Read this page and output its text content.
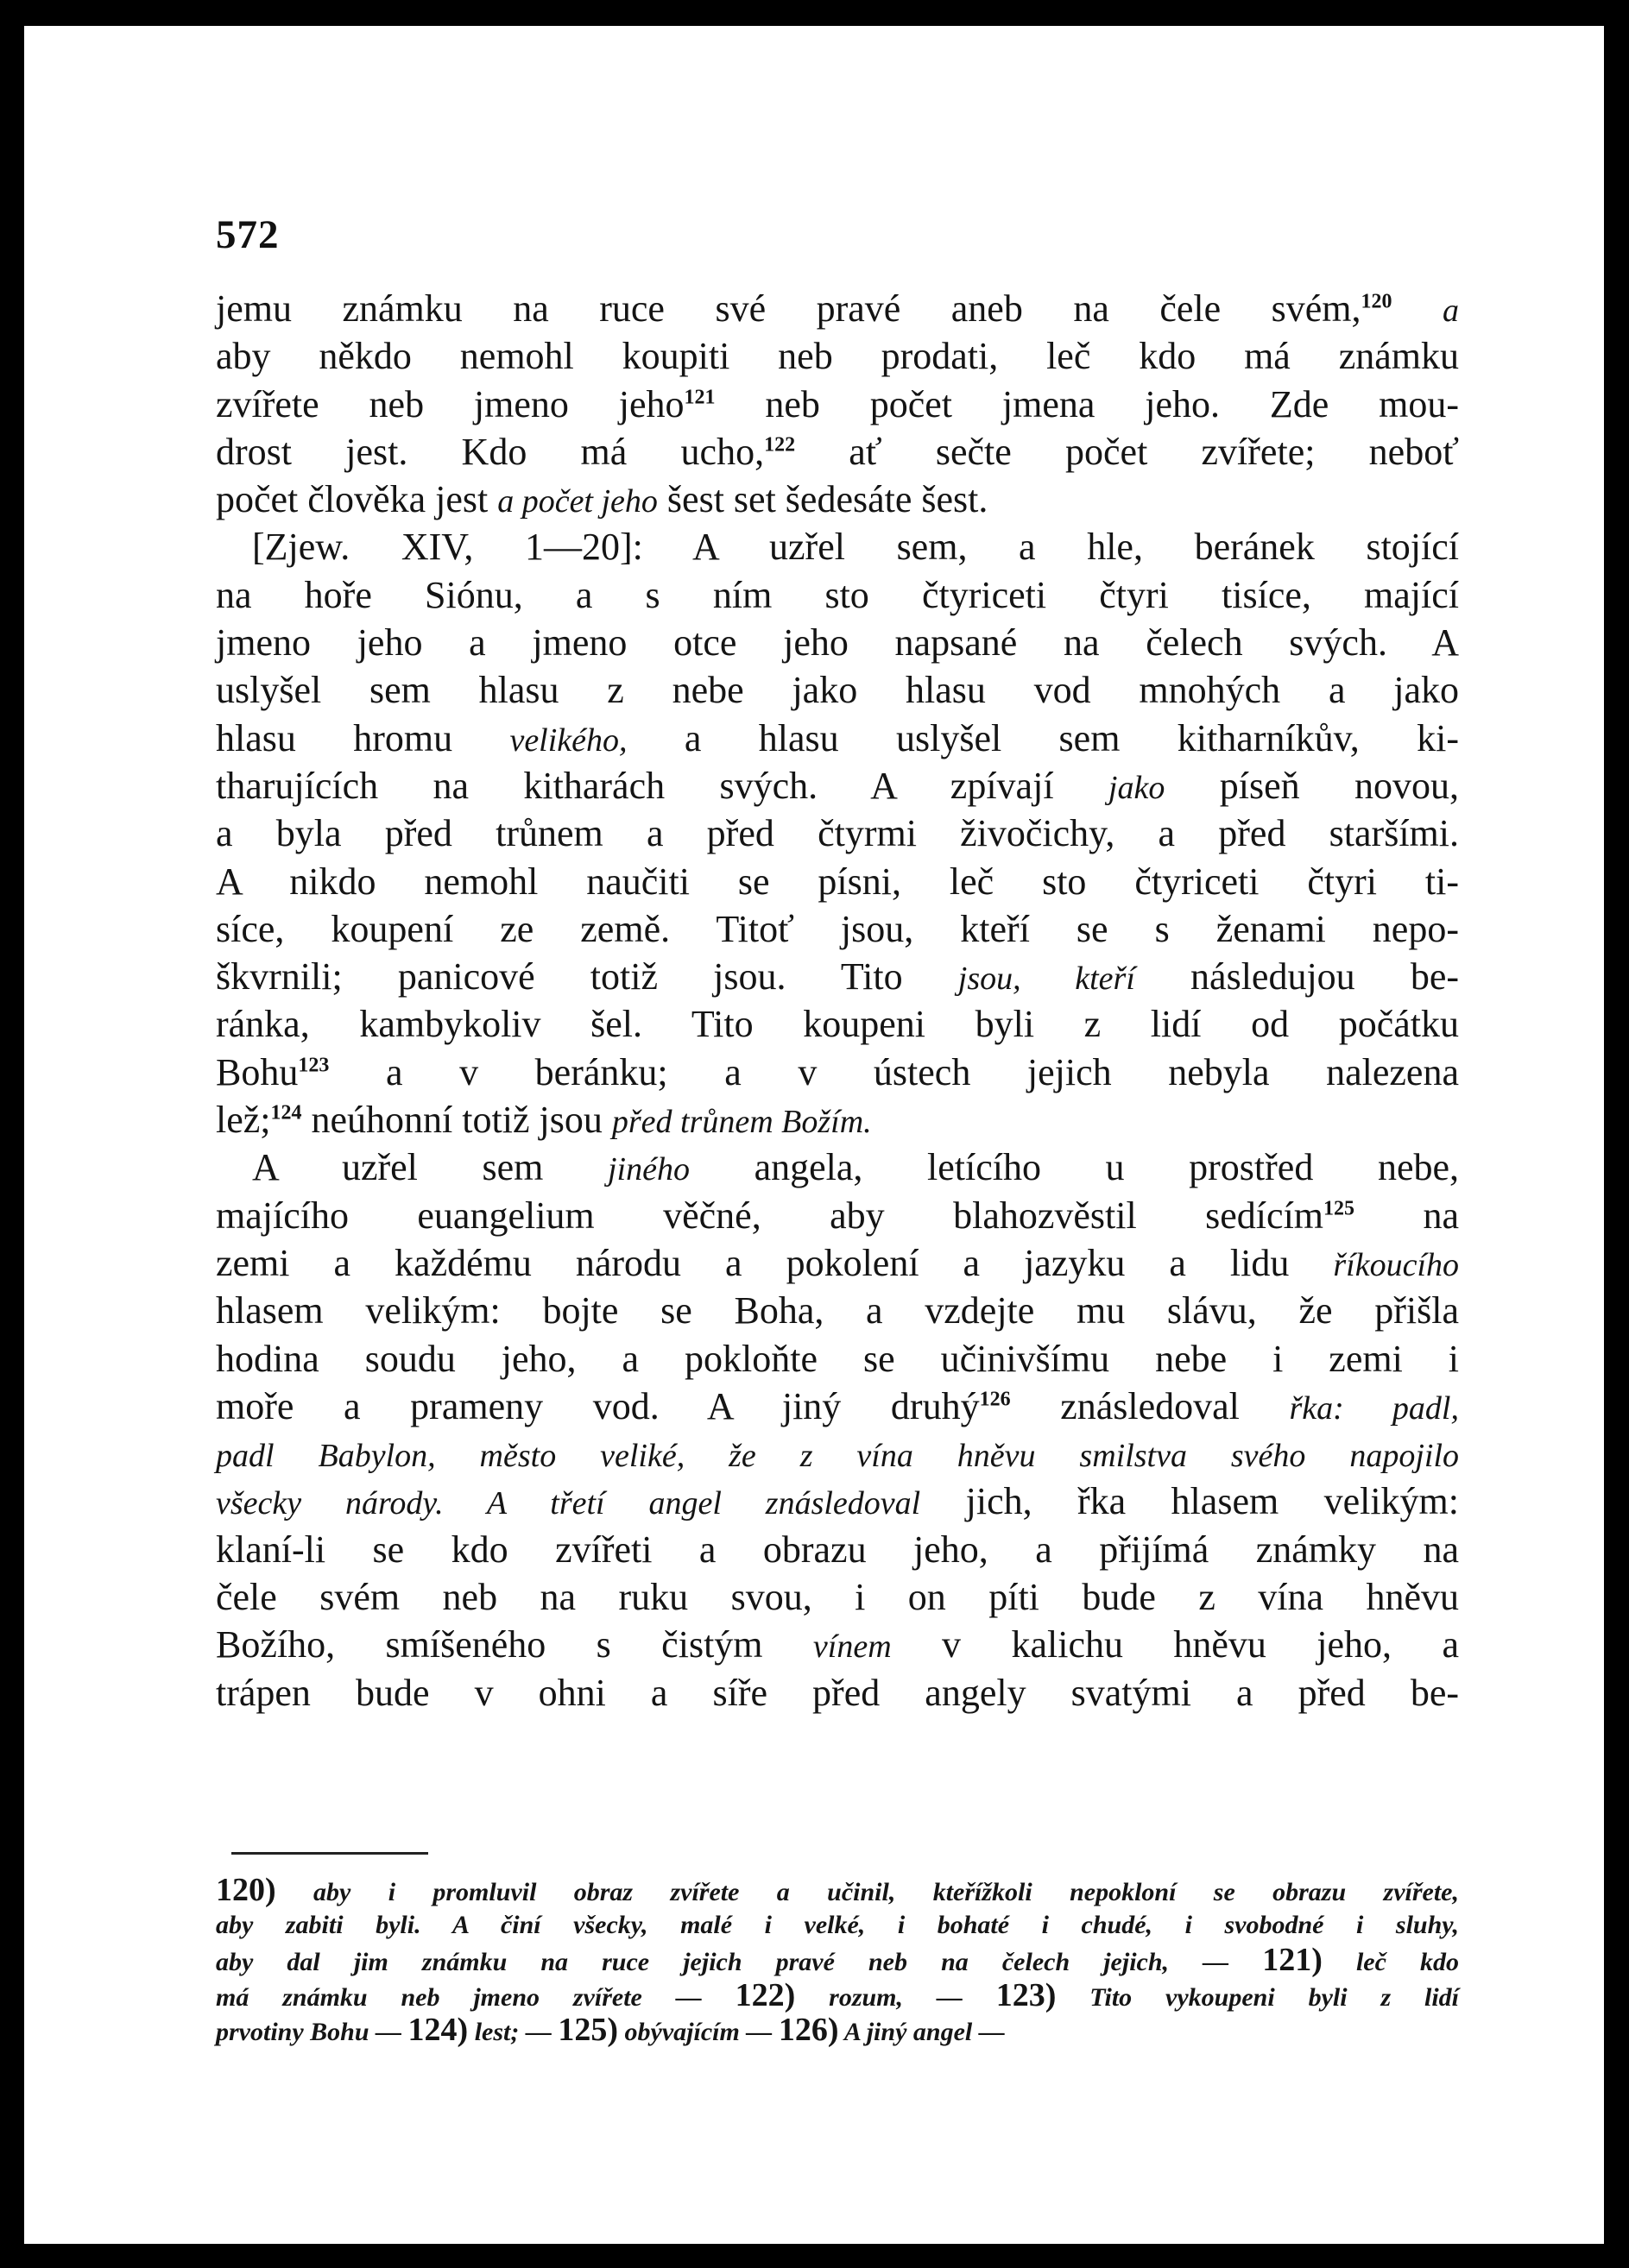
572
jemu známku na ruce své pravé aneb na čele svém,$^{120}$ a
aby někdo nemohl koupiti neb prodati, leč kdo má známku
zvířete neb jmeno jeho$^{121}$ neb počet jmena jeho. Zde mou-
drost jest. Kdo má ucho,$^{122}$ ať sečte počet zvířete; neboť
počet člověka jest a počet jeho šest set šedesáte šest.
[Zjew. XIV, 1—20]: A uzřel sem, a hle, beránek stojící
na hoře Siónu, a s ním sto čtyriceti čtyri tisíce, mající
jmeno jeho a jmeno otce jeho napsané na čelech svých. A
uslyšel sem hlasu z nebe jako hlasu vod mnohých a jako
hlasu hromu velikého, a hlasu uslyšel sem kitharníkův, ki-
tharujících na kitharách svých. A zpívají jako píseň novou,
a byla před trůnem a před čtyrmi živočichy, a před staršími.
A nikdo nemohl naučiti se písni, leč sto čtyriceti čtyri ti-
síce, koupení ze země. Titoť jsou, kteří se s ženami nepo-
škvrnili; panicové totiž jsou. Tito jsou, kteří následujou be-
ránka, kambykoliv šel. Tito koupeni byli z lidí od počátku
Bohu$^{123}$ a v beránku; a v ústech jejich nebyla nalezena
lež;$^{124}$ neúhonní totiž jsou před trůnem Božím.
A uzřel sem jiného angela, letícího u prostřed nebe,
majícího euangelium věčné, aby blahozvěstil sedícím$^{125}$ na
zemi a každému národu a pokolení a jazyku a lidu říkoucího
hlasem velikým: bojte se Boha, a vzdejte mu slávu, že přišla
hodina soudu jeho, a pokloňte se učinivšímu nebe i zemi i
moře a prameny vod. A jiný druhý$^{126}$ znásledoval řka: padl,
padl Babylon, město veliké, že z vína hněvu smilstva svého napojilo
všecky národy. A třetí angel znásledoval jich, řka hlasem velikým:
klaní-li se kdo zvířeti a obrazu jeho, a přijímá známky na
čele svém neb na ruku svou, i on píti bude z vína hněvu
Božího, smíšeného s čistým vínem v kalichu hněvu jeho, a
trápen bude v ohni a síře před angely svatými a před be-
120) aby i promluvil obraz zvířete a učinil, kteřížkoli nepokloní se obrazu zvířete,
aby zabiti byli. A činí všecky, malé i velké, i bohaté i chudé, i svobodné i sluhy,
aby dal jim známku na ruce jejich pravé neb na čelech jejich, — 121) leč kdo
má známku neb jmeno zvířete — 122) rozum, — 123) Tito vykoupeni byli z lidí
prvotiny Bohu — 124) lest; — 125) obývajícím — 126) A jiný angel —
